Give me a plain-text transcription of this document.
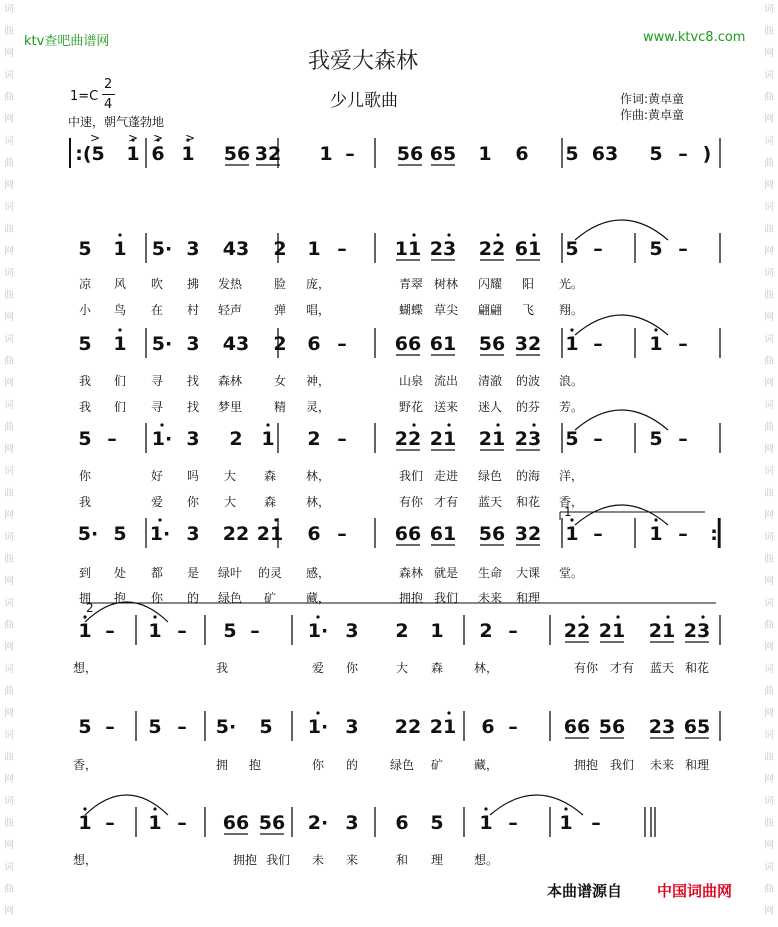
词
曲
网
词
曲
网
词
曲
网
词
曲
网
词
曲
网
词
曲
网
词
曲
网
词
曲
网
词
曲
网
词
曲
网
词
曲
网
词
曲
网
词
曲
网
词
曲
网
词
曲
网
词
曲
网
词
曲
网
词
曲
网
词
曲
网
词
曲
网
词
曲
网
词
曲
网
词
曲
网
词
曲
网
词
曲
网
词
曲
网
词
曲
网
词
曲
网
ktv查吧曲谱网	www.ktvc8.com
我爱大森林
少儿歌曲
1=C
2
4
中速，朝气蓬勃地
作词:黄卓童
作曲:黄卓童
:(5 1 6 1 56 32 1 – 56 65 1 6 5 63 5 – )
5 1 5· 3 43 2 1 –	11 23 22 61 5 – 5 –
凉 风 吹 拂 发热	脸 庞，	青翠 树林 闪耀 阳 光。
小 鸟 在 村 轻声	弹 唱，	蝴蝶 草尖 翩翩 飞 翔。
5 1 5· 3 43 2 6 –	66 61 56 32 1 – 1 –
我 们 寻 找 森林	女 神，	山泉 流出 清澈 的波 浪。
我 们 寻 找 梦里	精 灵，	野花 送来 迷人 的芬 芳。
5 – 1· 3 2 1 2 –	22 21 21 23 5 – 5 –
你	好 吗 大 森 林，	我们 走进 绿色 的海 洋，
我	爱 你 大 森 林，	有你 才有 蓝天 和花 香，
5· 5 1· 3 22 21 6 –	66 61 56 32 1 – 1 – :
到 处 都 是 绿叶 的灵 感，	森林 就是 生命 大课 堂。
拥 抱 你 的 绿色 矿 藏，	拥抱 我们 未来 和理
1 – 1 – 5 –	1· 3 2 1 2 – 22 21 21 23
想，	我	爱 你	大 森	林，	有你 才有 蓝天 和花
5 – 5 – 5· 5 1· 3 22 21 6 – 66 56 23 65
香，	拥 抱	你 的	绿色 矿	藏，	拥抱 我们 未来 和理
1 – 1 – 66 56 2· 3 6 5 1 – 1 –
想，	拥抱 我们 未 来	和 理	想。
> > > >
1
2
本曲谱源自 中国词曲网
